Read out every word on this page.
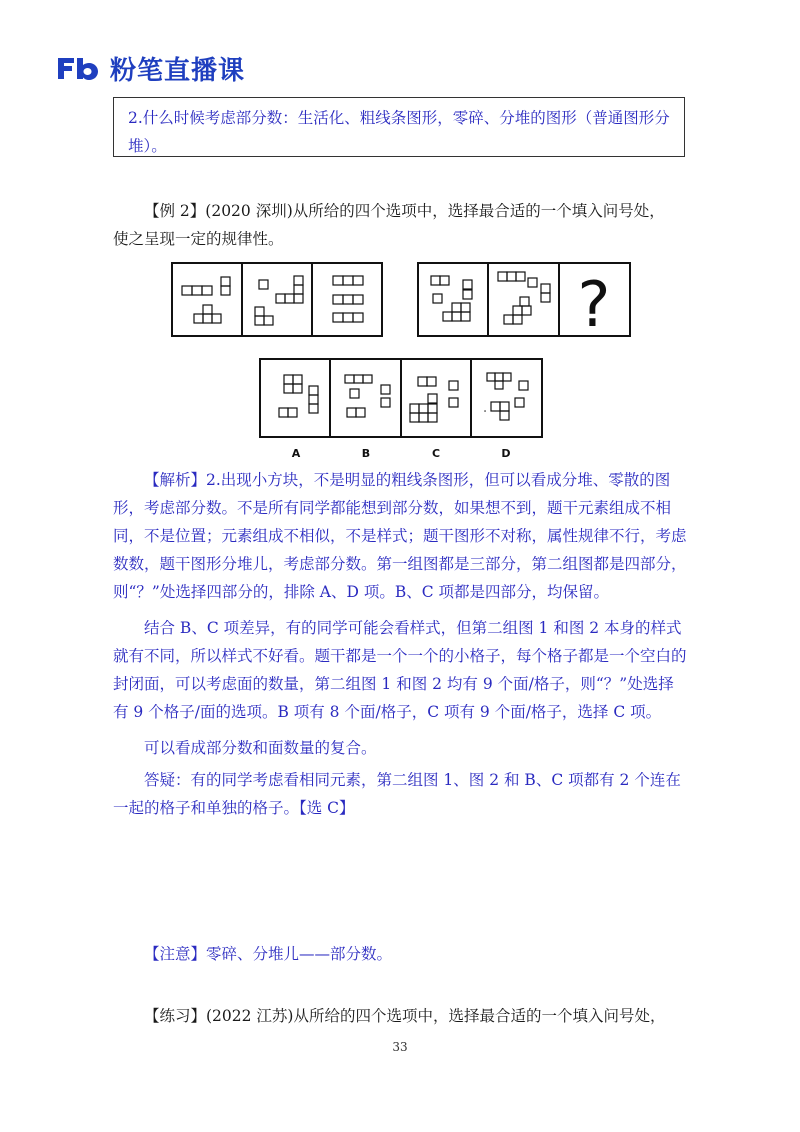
粉笔直播课
2.什么时候考虑部分数：生活化、粗线条图形，零碎、分堆的图形（普通图形分堆）。
【例 2】(2020 深圳)从所给的四个选项中，选择最合适的一个填入问号处，
使之呈现一定的规律性。
?
A	B	C	D
【解析】2.出现小方块，不是明显的粗线条图形，但可以看成分堆、零散的图形，考虑部分数。不是所有同学都能想到部分数，如果想不到，题干元素组成不相同，不是位置；元素组成不相似，不是样式；题干图形不对称，属性规律不行，考虑数数，题干图形分堆儿，考虑部分数。第一组图都是三部分，第二组图都是四部分，则“？”处选择四部分的，排除 A、D 项。B、C 项都是四部分，均保留。
结合 B、C 项差异，有的同学可能会看样式，但第二组图 1 和图 2 本身的样式就有不同，所以样式不好看。题干都是一个一个的小格子，每个格子都是一个空白的封闭面，可以考虑面的数量，第二组图 1 和图 2 均有 9 个面/格子，则“？”处选择有 9 个格子/面的选项。B 项有 8 个面/格子，C 项有 9 个面/格子，选择 C 项。
可以看成部分数和面数量的复合。
答疑：有的同学考虑看相同元素，第二组图 1、图 2 和 B、C 项都有 2 个连在一起的格子和单独的格子。【选 C】
【注意】零碎、分堆儿——部分数。
【练习】(2022 江苏)从所给的四个选项中，选择最合适的一个填入问号处，
33
